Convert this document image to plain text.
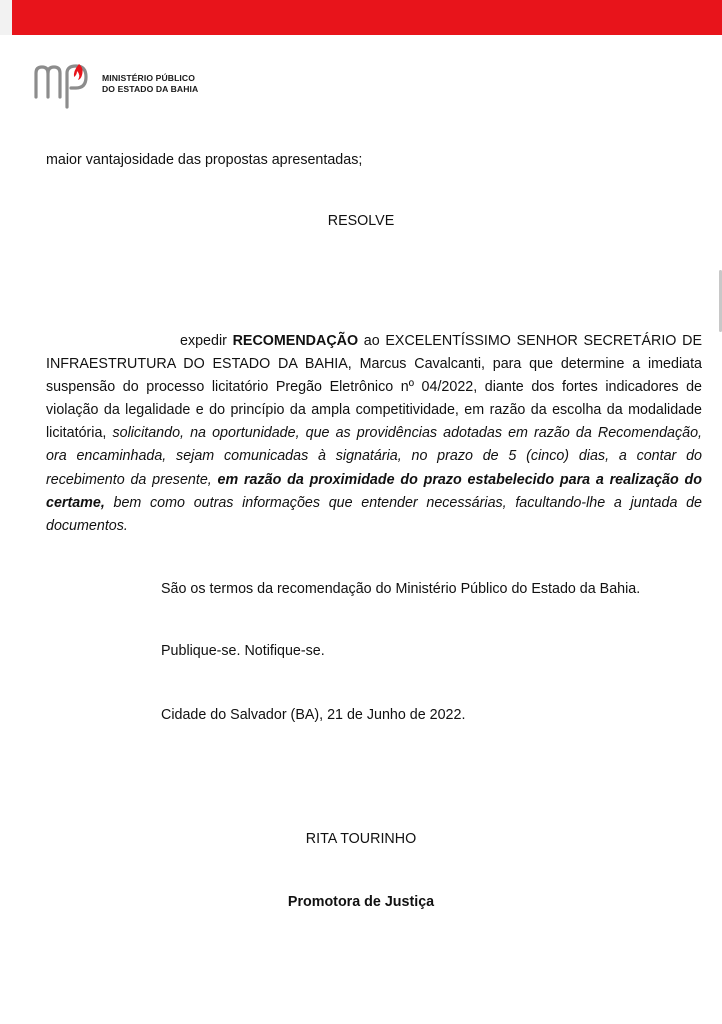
MINISTÉRIO PÚBLICO
DO ESTADO DA BAHIA
maior vantajosidade das propostas apresentadas;
RESOLVE
expedir RECOMENDAÇÃO ao EXCELENTÍSSIMO SENHOR SECRETÁRIO DE INFRAESTRUTURA DO ESTADO DA BAHIA, Marcus Cavalcanti, para que determine a imediata suspensão do processo licitatório Pregão Eletrônico nº 04/2022, diante dos fortes indicadores de violação da legalidade e do princípio da ampla competitividade, em razão da escolha da modalidade licitatória, solicitando, na oportunidade, que as providências adotadas em razão da Recomendação, ora encaminhada, sejam comunicadas à signatária, no prazo de 5 (cinco) dias, a contar do recebimento da presente, em razão da proximidade do prazo estabelecido para a realização do certame, bem como outras informações que entender necessárias, facultando-lhe a juntada de documentos.
São os termos da recomendação do Ministério Público do Estado da Bahia.
Publique-se. Notifique-se.
Cidade do Salvador (BA), 21 de Junho de 2022.
RITA TOURINHO
Promotora de Justiça
